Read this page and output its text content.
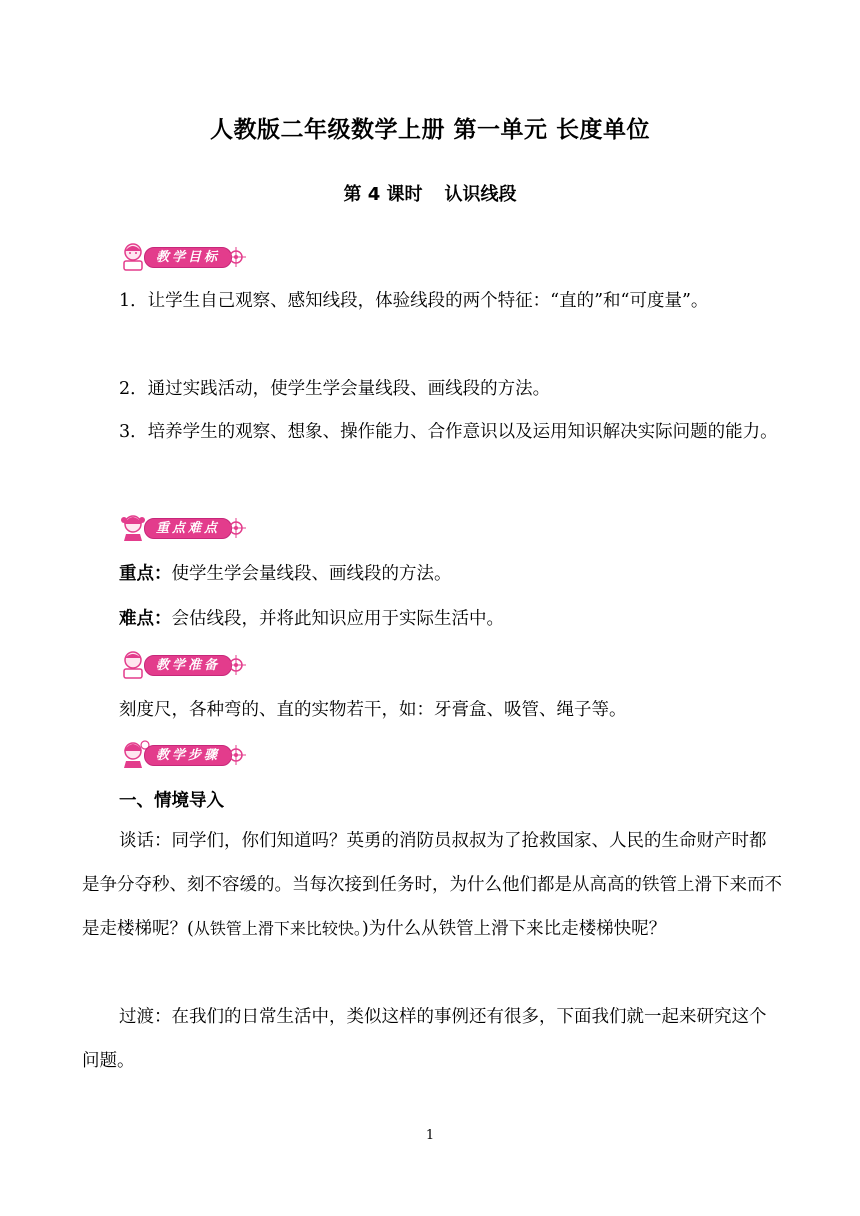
人教版二年级数学上册 第一单元 长度单位
第 4 课时 认识线段
教学目标
1．让学生自己观察、感知线段，体验线段的两个特征：“直的”和“可度量”。
2．通过实践活动，使学生学会量线段、画线段的方法。
3．培养学生的观察、想象、操作能力、合作意识以及运用知识解决实际问题的能力。
重点难点
重点：使学生学会量线段、画线段的方法。
难点：会估线段，并将此知识应用于实际生活中。
教学准备
刻度尺，各种弯的、直的实物若干，如：牙膏盒、吸管、绳子等。
教学步骤
一、情境导入
谈话：同学们，你们知道吗？英勇的消防员叔叔为了抢救国家、人民的生命财产时都是争分夺秒、刻不容缓的。当每次接到任务时，为什么他们都是从高高的铁管上滑下来而不是走楼梯呢？(从铁管上滑下来比较快。)为什么从铁管上滑下来比走楼梯快呢？
过渡：在我们的日常生活中，类似这样的事例还有很多，下面我们就一起来研究这个问题。
1
